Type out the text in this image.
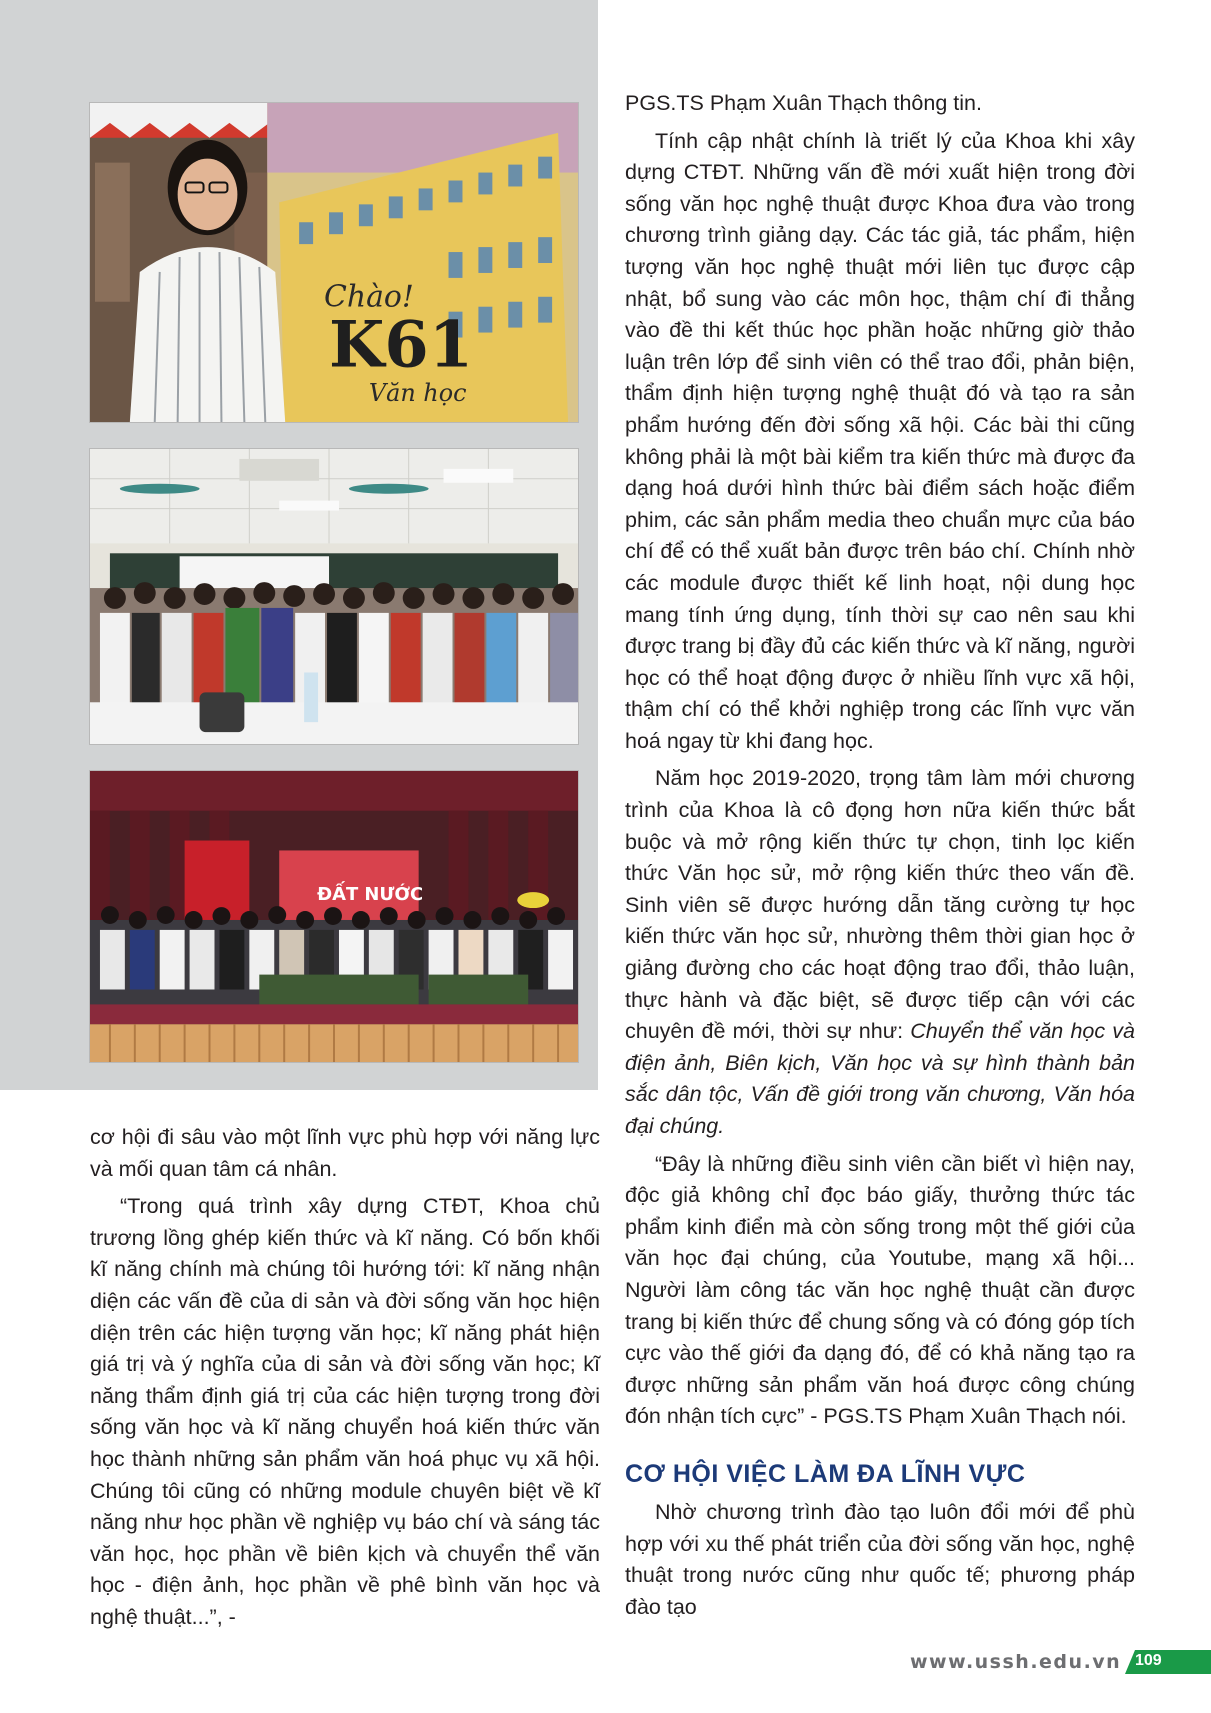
Chào!
K61
Văn học
ĐẤT NƯỚC

cơ hội đi sâu vào một lĩnh vực phù hợp với năng lực và mối quan tâm cá nhân.

“Trong quá trình xây dựng CTĐT, Khoa chủ trương lồng ghép kiến thức và kĩ năng. Có bốn khối kĩ năng chính mà chúng tôi hướng tới: kĩ năng nhận diện các vấn đề của di sản và đời sống văn học hiện diện trên các hiện tượng văn học; kĩ năng phát hiện giá trị và ý nghĩa của di sản và đời sống văn học; kĩ năng thẩm định giá trị của các hiện tượng trong đời sống văn học và kĩ năng chuyển hoá kiến thức văn học thành những sản phẩm văn hoá phục vụ xã hội. Chúng tôi cũng có những module chuyên biệt về kĩ năng như học phần về nghiệp vụ báo chí và sáng tác văn học, học phần về biên kịch và chuyển thể văn học - điện ảnh, học phần về phê bình văn học và nghệ thuật...”, -

PGS.TS Phạm Xuân Thạch thông tin.

Tính cập nhật chính là triết lý của Khoa khi xây dựng CTĐT. Những vấn đề mới xuất hiện trong đời sống văn học nghệ thuật được Khoa đưa vào trong chương trình giảng dạy. Các tác giả, tác phẩm, hiện tượng văn học nghệ thuật mới liên tục được cập nhật, bổ sung vào các môn học, thậm chí đi thẳng vào đề thi kết thúc học phần hoặc những giờ thảo luận trên lớp để sinh viên có thể trao đổi, phản biện, thẩm định hiện tượng nghệ thuật đó và tạo ra sản phẩm hướng đến đời sống xã hội. Các bài thi cũng không phải là một bài kiểm tra kiến thức mà được đa dạng hoá dưới hình thức bài điểm sách hoặc điểm phim, các sản phẩm media theo chuẩn mực của báo chí để có thể xuất bản được trên báo chí. Chính nhờ các module được thiết kế linh hoạt, nội dung học mang tính ứng dụng, tính thời sự cao nên sau khi được trang bị đầy đủ các kiến thức và kĩ năng, người học có thể hoạt động được ở nhiều lĩnh vực xã hội, thậm chí có thể khởi nghiệp trong các lĩnh vực văn hoá ngay từ khi đang học.

Năm học 2019-2020, trọng tâm làm mới chương trình của Khoa là cô đọng hơn nữa kiến thức bắt buộc và mở rộng kiến thức tự chọn, tinh lọc kiến thức Văn học sử, mở rộng kiến thức theo vấn đề. Sinh viên sẽ được hướng dẫn tăng cường tự học kiến thức văn học sử, nhường thêm thời gian học ở giảng đường cho các hoạt động trao đổi, thảo luận, thực hành và đặc biệt, sẽ được tiếp cận với các chuyên đề mới, thời sự như: Chuyển thể văn học và điện ảnh, Biên kịch, Văn học và sự hình thành bản sắc dân tộc, Vấn đề giới trong văn chương, Văn hóa đại chúng.

“Đây là những điều sinh viên cần biết vì hiện nay, độc giả không chỉ đọc báo giấy, thưởng thức tác phẩm kinh điển mà còn sống trong một thế giới của văn học đại chúng, của Youtube, mạng xã hội... Người làm công tác văn học nghệ thuật cần được trang bị kiến thức để chung sống và có đóng góp tích cực vào thế giới đa dạng đó, để có khả năng tạo ra được những sản phẩm văn hoá được công chúng đón nhận tích cực” - PGS.TS Phạm Xuân Thạch nói.

CƠ HỘI VIỆC LÀM ĐA LĨNH VỰC

Nhờ chương trình đào tạo luôn đổi mới để phù hợp với xu thế phát triển của đời sống văn học, nghệ thuật trong nước cũng như quốc tế; phương pháp đào tạo

www.ussh.edu.vn 109
